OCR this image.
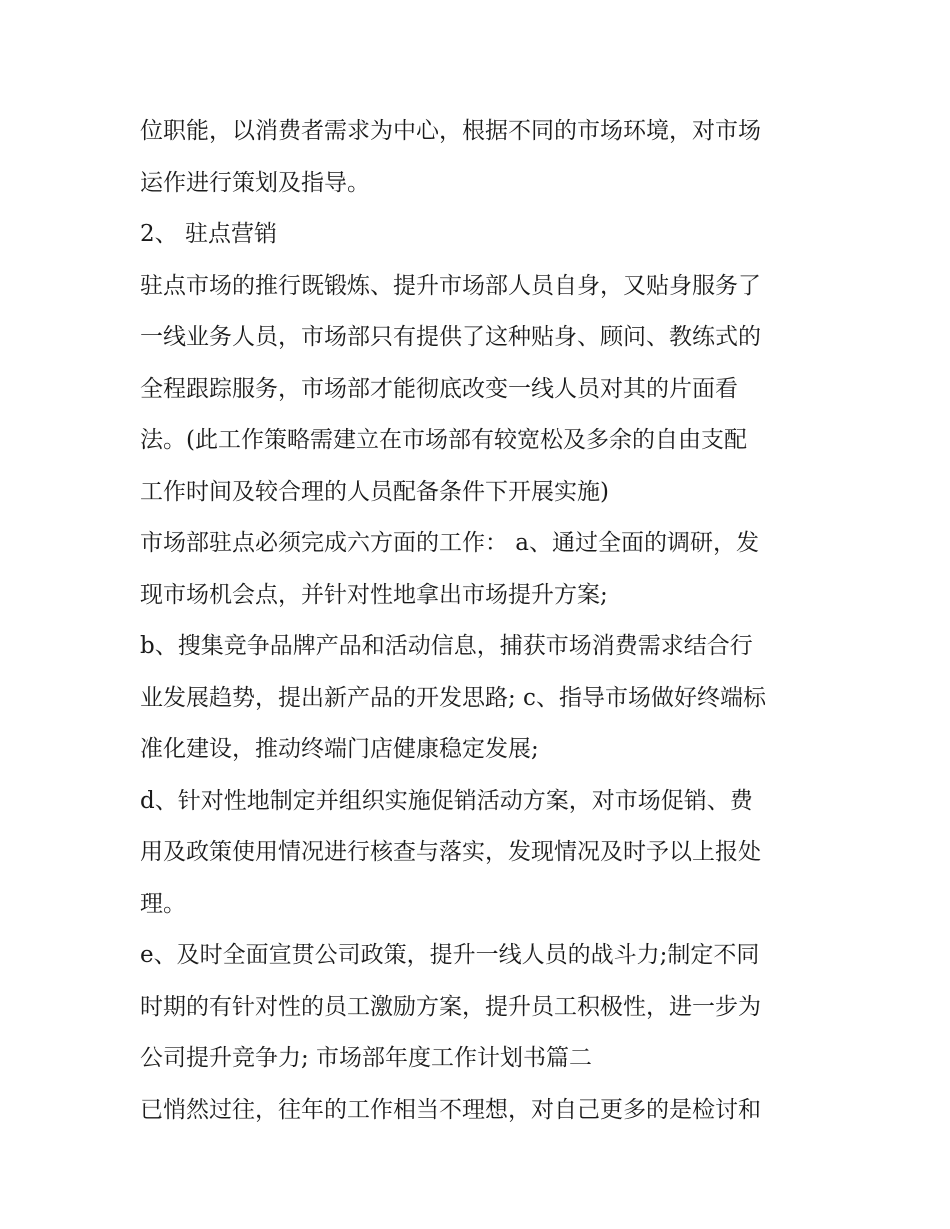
位职能，以消费者需求为中心，根据不同的市场环境，对市场
运作进行策划及指导。
2、 驻点营销
驻点市场的推行既锻炼、提升市场部人员自身，又贴身服务了
一线业务人员，市场部只有提供了这种贴身、顾问、教练式的
全程跟踪服务，市场部才能彻底改变一线人员对其的片面看
法。(此工作策略需建立在市场部有较宽松及多余的自由支配
工作时间及较合理的人员配备条件下开展实施)
市场部驻点必须完成六方面的工作： a、通过全面的调研，发
现市场机会点，并针对性地拿出市场提升方案;
b、搜集竞争品牌产品和活动信息，捕获市场消费需求结合行
业发展趋势，提出新产品的开发思路; c、指导市场做好终端标
准化建设，推动终端门店健康稳定发展;
d、针对性地制定并组织实施促销活动方案，对市场促销、费
用及政策使用情况进行核查与落实，发现情况及时予以上报处
理。
e、及时全面宣贯公司政策，提升一线人员的战斗力;制定不同
时期的有针对性的员工激励方案，提升员工积极性，进一步为
公司提升竞争力; 市场部年度工作计划书篇二
已悄然过往，往年的工作相当不理想，对自己更多的是检讨和
